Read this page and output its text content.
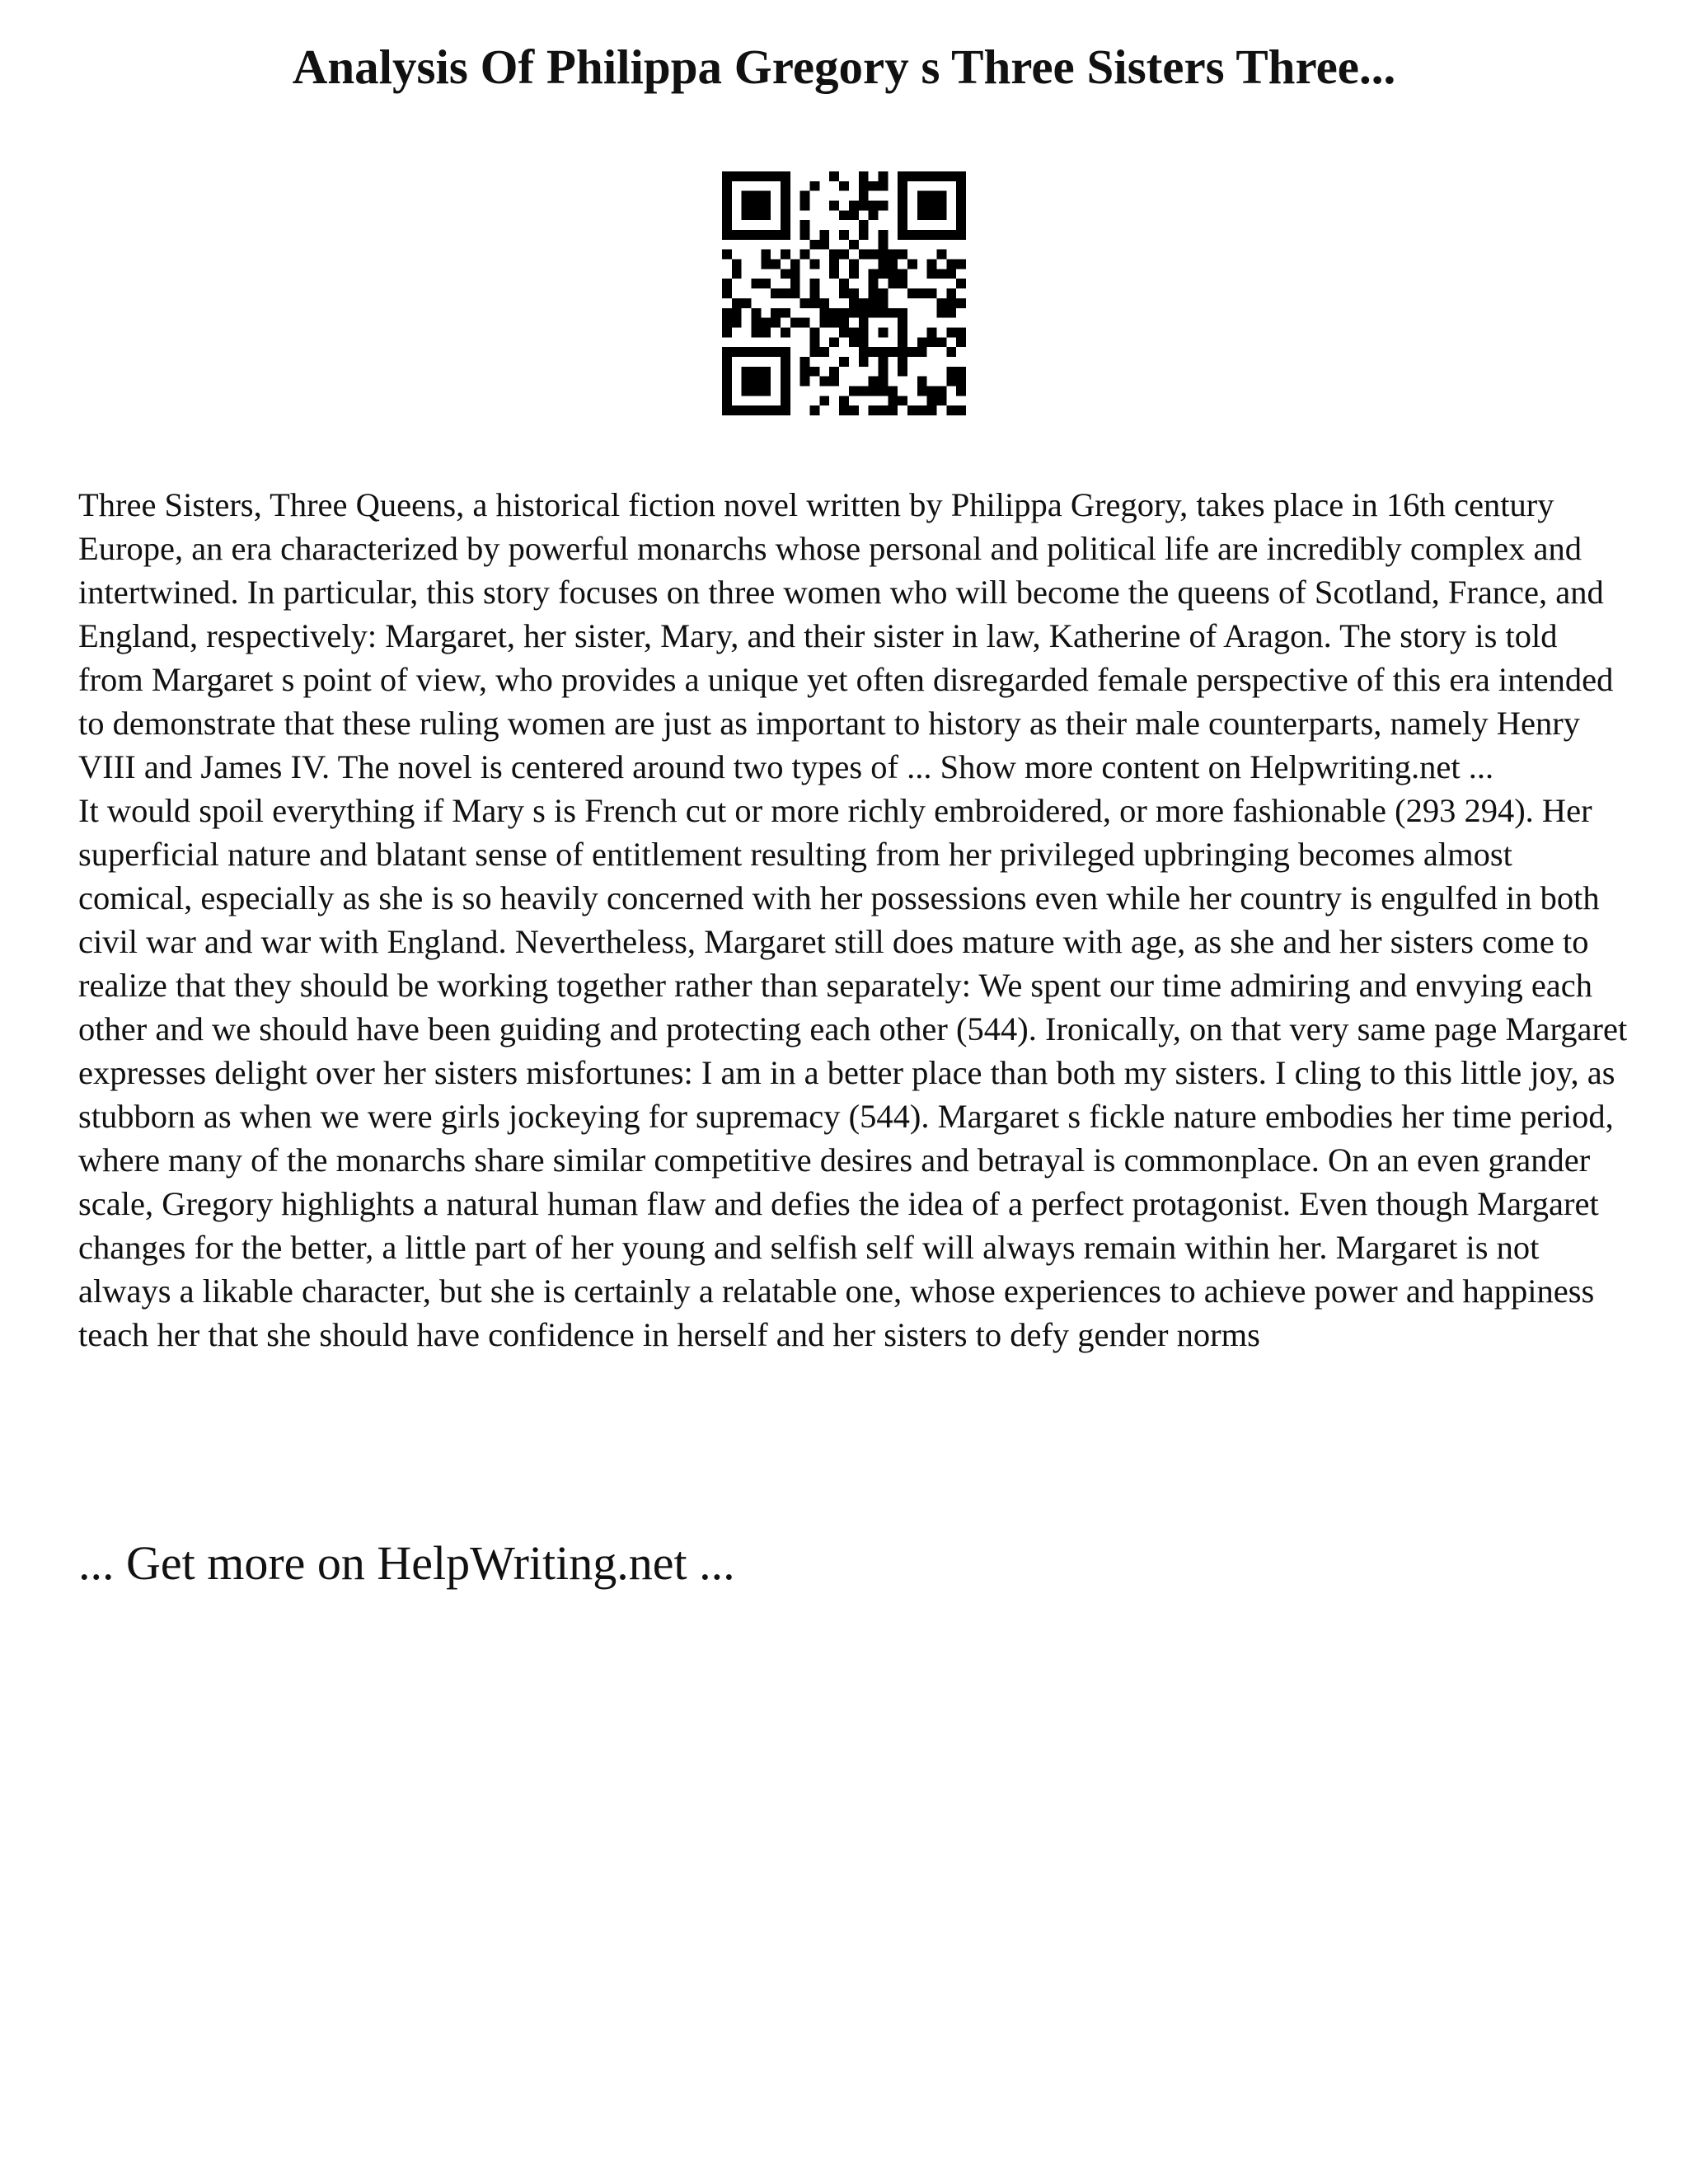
Analysis Of Philippa Gregory s Three Sisters Three...

Three Sisters, Three Queens, a historical fiction novel written by Philippa Gregory, takes place in 16th century Europe, an era characterized by powerful monarchs whose personal and political life are incredibly complex and intertwined. In particular, this story focuses on three women who will become the queens of Scotland, France, and England, respectively: Margaret, her sister, Mary, and their sister in law, Katherine of Aragon. The story is told from Margaret s point of view, who provides a unique yet often disregarded female perspective of this era intended to demonstrate that these ruling women are just as important to history as their male counterparts, namely Henry VIII and James IV. The novel is centered around two types of ... Show more content on Helpwriting.net ...

It would spoil everything if Mary s is French cut or more richly embroidered, or more fashionable (293 294). Her superficial nature and blatant sense of entitlement resulting from her privileged upbringing becomes almost comical, especially as she is so heavily concerned with her possessions even while her country is engulfed in both civil war and war with England. Nevertheless, Margaret still does mature with age, as she and her sisters come to realize that they should be working together rather than separately: We spent our time admiring and envying each other and we should have been guiding and protecting each other (544). Ironically, on that very same page Margaret expresses delight over her sisters misfortunes: I am in a better place than both my sisters. I cling to this little joy, as stubborn as when we were girls jockeying for supremacy (544). Margaret s fickle nature embodies her time period, where many of the monarchs share similar competitive desires and betrayal is commonplace. On an even grander scale, Gregory highlights a natural human flaw and defies the idea of a perfect protagonist. Even though Margaret changes for the better, a little part of her young and selfish self will always remain within her. Margaret is not always a likable character, but she is certainly a relatable one, whose experiences to achieve power and happiness teach her that she should have confidence in herself and her sisters to defy gender norms

... Get more on HelpWriting.net ...
